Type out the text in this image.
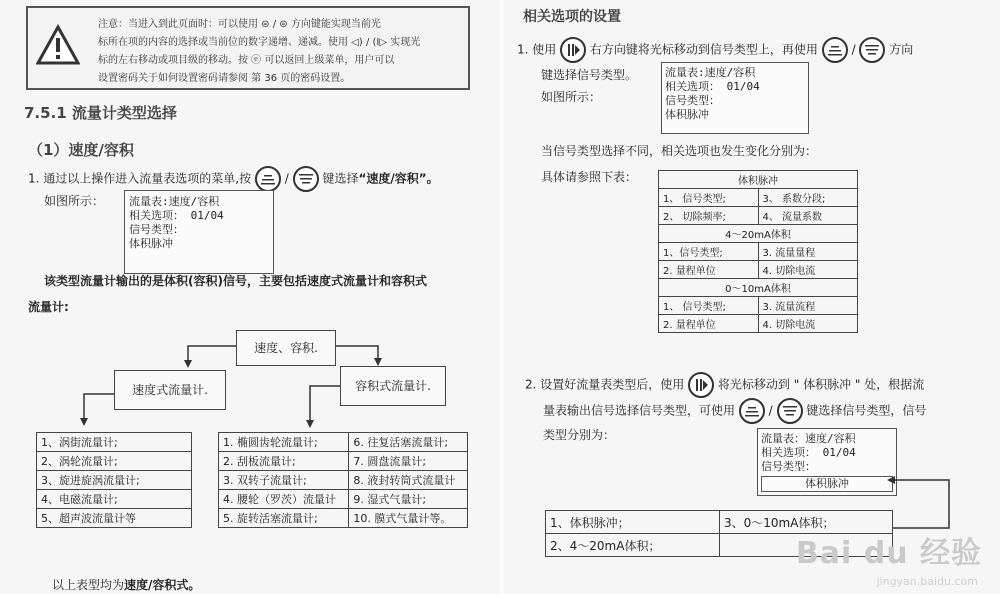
注意：当进入到此页面时：可以使用 ⊜ / ⊜ 方向键能实现当前光
标所在项的内容的选择或当前位的数字递增、递减。使用 ◁) / (I▷ 实现光
标的左右移动或项目级的移动。按 ⓔ 可以返回上级菜单，用户可以
设置密码关于如何设置密码请参阅 第 36 页的密码设置。
7.5.1 流量计类型选择
（1）速度/容积
1. 通过以上操作进入流量表选项的菜单,按	/
键选择“速度/容积”。
如图所示： 流量表:速度/容积
相关选项： 01/04
信号类型：
体积脉冲
该类型流量计输出的是体积(容积)信号，主要包括速度式流量计和容积式
流量计:
速度、容积.
速度式流量计.	容积式流量计.
1、涡街流量计;
2、涡轮流量计;
3、旋进旋涡流量计;
4、电磁流量计;
5、超声波流量计等
1. 椭圆齿轮流量计;	6. 往复活塞流量计;
2. 刮板流量计;	7. 圆盘流量计;
3. 双转子流量计;	8. 液封转筒式流量计
4. 腰轮（罗茨）流量计	9. 湿式气量计;
5. 旋转活塞流量计;	10. 膜式气量计等。
以上表型均为速度/容积式。
相关选项的设置
1. 使用	右方向键将光标移动到信号类型上，再使用	/
方向
键选择信号类型。
如图所示：
流量表:速度/容积
相关选项： 01/04
信号类型：
体积脉冲
当信号类型选择不同，相关选项也发生变化分别为：
具体请参照下表：	体积脉冲	
1、 信号类型;	3、 系数分段;
2、 切除频率;	4、 流量系数
4～20mA体积	
1、信号类型;	3. 流量量程
2. 量程单位	4. 切除电流
0～10mA体积	
1、 信号类型;	3. 流量流程
2. 量程单位	4. 切除电流
2. 设置好流量表类型后，使用	将光标移动到 " 体积脉冲 " 处，根据流
量表输出信号选择信号类型，可使用	/	键选择信号类型，信号
类型分别为：	流量表：速度/容积
相关选项： 01/04
信号类型：
体积脉冲
1、体积脉冲；	3、0～10mA体积；
2、4～20mA体积；		Bai du 经验
jingyan.baidu.com
